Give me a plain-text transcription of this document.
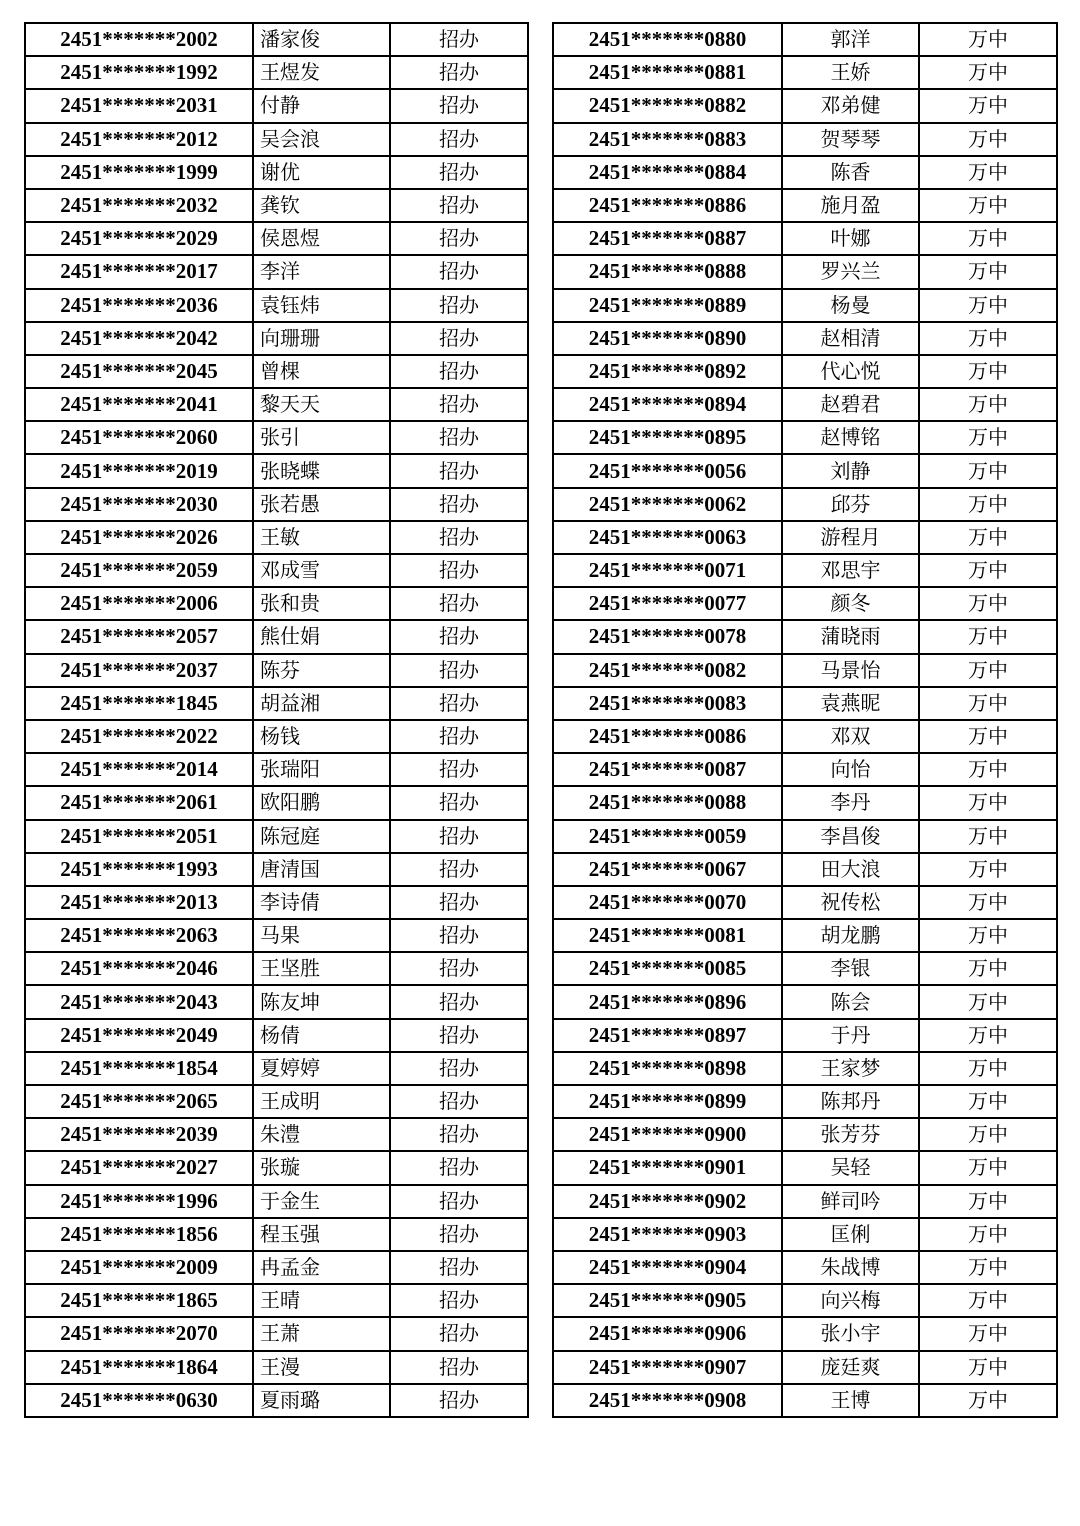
2451*******2002	潘家俊	招办
2451*******1992	王煜发	招办
2451*******2031	付静	招办
2451*******2012	吴会浪	招办
2451*******1999	谢优	招办
2451*******2032	龚钦	招办
2451*******2029	侯恩煜	招办
2451*******2017	李洋	招办
2451*******2036	袁钰炜	招办
2451*******2042	向珊珊	招办
2451*******2045	曾棵	招办
2451*******2041	黎天天	招办
2451*******2060	张引	招办
2451*******2019	张晓蝶	招办
2451*******2030	张若愚	招办
2451*******2026	王敏	招办
2451*******2059	邓成雪	招办
2451*******2006	张和贵	招办
2451*******2057	熊仕娟	招办
2451*******2037	陈芬	招办
2451*******1845	胡益湘	招办
2451*******2022	杨钱	招办
2451*******2014	张瑞阳	招办
2451*******2061	欧阳鹏	招办
2451*******2051	陈冠庭	招办
2451*******1993	唐清国	招办
2451*******2013	李诗倩	招办
2451*******2063	马果	招办
2451*******2046	王坚胜	招办
2451*******2043	陈友坤	招办
2451*******2049	杨倩	招办
2451*******1854	夏婷婷	招办
2451*******2065	王成明	招办
2451*******2039	朱澧	招办
2451*******2027	张璇	招办
2451*******1996	于金生	招办
2451*******1856	程玉强	招办
2451*******2009	冉孟金	招办
2451*******1865	王晴	招办
2451*******2070	王萧	招办
2451*******1864	王漫	招办
2451*******0630	夏雨璐	招办
2451*******0880	郭洋	万中
2451*******0881	王娇	万中
2451*******0882	邓弟健	万中
2451*******0883	贺琴琴	万中
2451*******0884	陈香	万中
2451*******0886	施月盈	万中
2451*******0887	叶娜	万中
2451*******0888	罗兴兰	万中
2451*******0889	杨曼	万中
2451*******0890	赵相清	万中
2451*******0892	代心悦	万中
2451*******0894	赵碧君	万中
2451*******0895	赵博铭	万中
2451*******0056	刘静	万中
2451*******0062	邱芬	万中
2451*******0063	游程月	万中
2451*******0071	邓思宇	万中
2451*******0077	颜冬	万中
2451*******0078	蒲晓雨	万中
2451*******0082	马景怡	万中
2451*******0083	袁燕昵	万中
2451*******0086	邓双	万中
2451*******0087	向怡	万中
2451*******0088	李丹	万中
2451*******0059	李昌俊	万中
2451*******0067	田大浪	万中
2451*******0070	祝传松	万中
2451*******0081	胡龙鹏	万中
2451*******0085	李银	万中
2451*******0896	陈会	万中
2451*******0897	于丹	万中
2451*******0898	王家梦	万中
2451*******0899	陈邦丹	万中
2451*******0900	张芳芬	万中
2451*******0901	吴轻	万中
2451*******0902	鲜司吟	万中
2451*******0903	匡俐	万中
2451*******0904	朱战博	万中
2451*******0905	向兴梅	万中
2451*******0906	张小宇	万中
2451*******0907	庞廷爽	万中
2451*******0908	王博	万中
